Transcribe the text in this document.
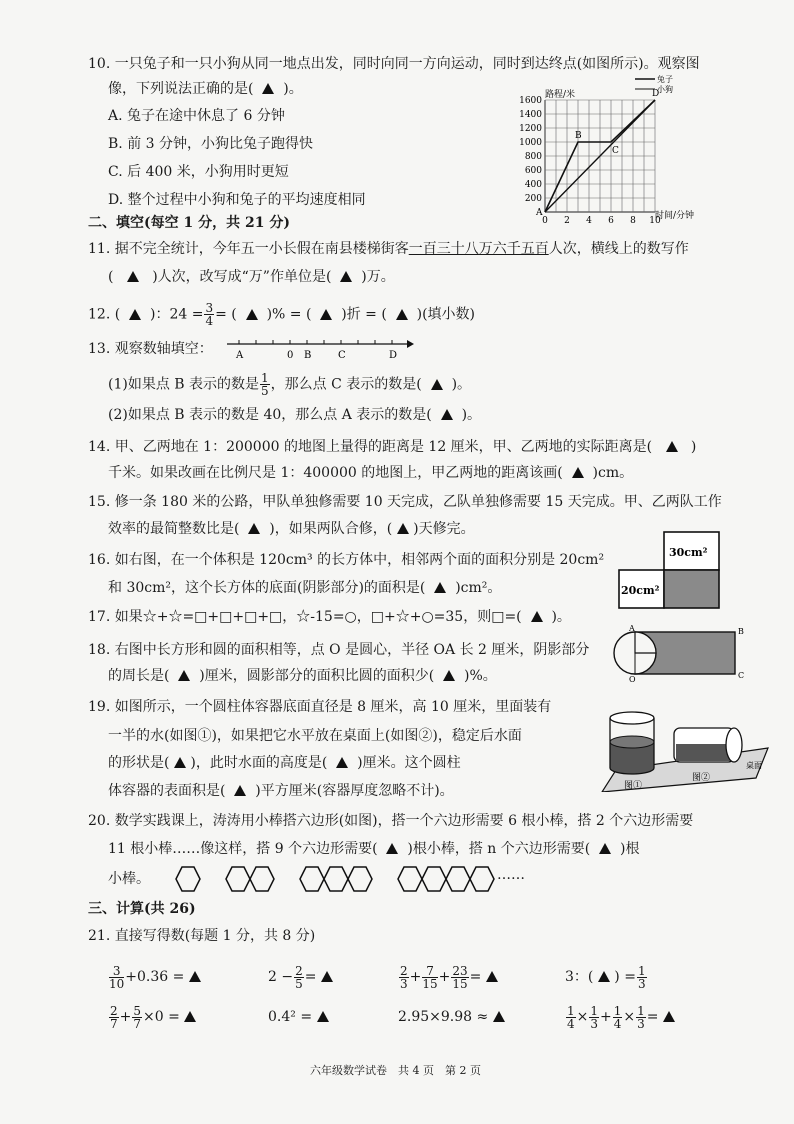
10. 一只兔子和一只小狗从同一地点出发，同时向同一方向运动，同时到达终点(如图所示)。观察图
像，下列说法正确的是( )。
A. 兔子在途中休息了 6 分钟
B. 前 3 分钟，小狗比兔子跑得快
C. 后 400 米，小狗用时更短
D. 整个过程中小狗和兔子的平均速度相同
1600
1400
1200
1000
800
600
400
200
0 2 4 6 8 10
路程/米
时间/分钟
兔子
小狗
A
B
C
D
二、填空(每空 1 分，共 21 分)
11. 据不完全统计，今年五一小长假在南县楼梯街客一百三十八万六千五百人次，横线上的数写作
(	)人次，改写成“万”作单位是( )万。
12. ( )：$24 = \frac{3}{4}$ = ( )% = ( )折 = ( )(填小数)
13. 观察数轴填空： A	0 B	C	D
(1)如果点 B 表示的数是 $\frac{1}{5}$ ，那么点 C 表示的数是( )。
(2)如果点 B 表示的数是 40，那么点 A 表示的数是( )。
14. 甲、乙两地在 1：200000 的地图上量得的距离是 12 厘米，甲、乙两地的实际距离是(	)
千米。如果改画在比例尺是 1：400000 的地图上，甲乙两地的距离该画( )cm。
15. 修一条 180 米的公路，甲队单独修需要 10 天完成，乙队单独修需要 15 天完成。甲、乙两队工作
效率的最简整数比是( )，如果两队合修，( )天修完。
16. 如右图，在一个体积是 120cm³ 的长方体中，相邻两个面的面积分别是 20cm²
和 30cm²，这个长方体的底面(阴影部分)的面积是( )cm²。
30cm²
20cm²
17. 如果☆+☆=□+□+□+□，☆-15=○，□+☆+○=35，则□=( )。
18. 右图中长方形和圆的面积相等，点 O 是圆心，半径 OA 长 2 厘米，阴影部分
的周长是( )厘米，圆影部分的面积比圆的面积少( )%。
A	B
C
O
19. 如图所示，一个圆柱体容器底面直径是 8 厘米，高 10 厘米，里面装有
一半的水(如图①)，如果把它水平放在桌面上(如图②)，稳定后水面
的形状是( )，此时水面的高度是( )厘米。这个圆柱
体容器的表面积是( )平方厘米(容器厚度忽略不计)。	图①
图②
桌面
20. 数学实践课上，涛涛用小棒搭六边形(如图)，搭一个六边形需要 6 根小棒，搭 2 个六边形需要
11 根小棒……像这样，搭 9 个六边形需要( )根小棒，搭 n 个六边形需要( )根
小棒。	……
三、计算(共 26)
21. 直接写得数(每题 1 分，共 8 分)
$\frac{3}{10} +0.36$ =	$2 - \frac{2}{5}$ =	$\frac{2}{3} + \frac{7}{15} + \frac{23}{15}$ =	3：( ) = $\frac{1}{3}$
$\frac{2}{7} + \frac{5}{7} \times 0$ =	0.4² =	2.95×9.98 ≈	$\frac{1}{4} \times \frac{1}{3} + \frac{1}{4} \times \frac{1}{3}$ =
六年级数学试卷　共 4 页　第 2 页
